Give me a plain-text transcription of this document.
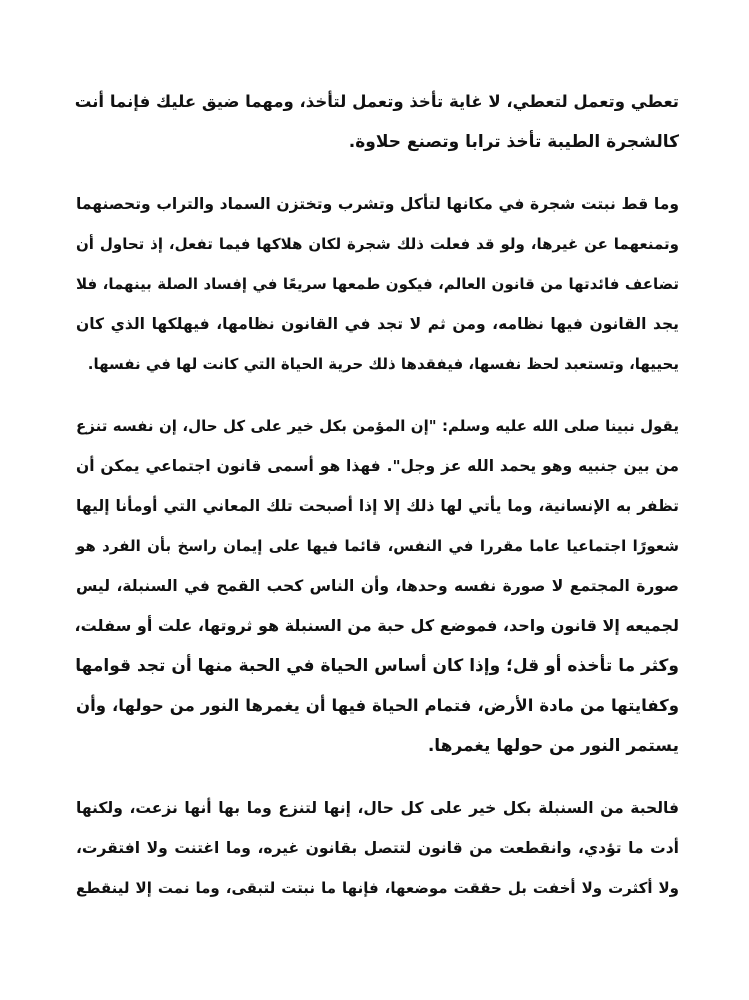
تعطي وتعمل لتعطي، لا غاية تأخذ وتعمل لتأخذ، ومهما ضيق عليك فإنما أنت
كالشجرة الطيبة تأخذ ترابا وتصنع حلاوة.
وما قط نبتت شجرة في مكانها لتأكل وتشرب وتختزن السماد والتراب وتحصنهما
وتمنعهما عن غيرها، ولو قد فعلت ذلك شجرة لكان هلاكها فيما تفعل، إذ تحاول أن
تضاعف فائدتها من قانون العالم، فيكون طمعها سريعًا في إفساد الصلة بينهما، فلا
يجد القانون فيها نظامه، ومن ثم لا تجد في القانون نظامها، فيهلكها الذي كان
يحييها، وتستعبد لحظ نفسها، فيفقدها ذلك حرية الحياة التي كانت لها في نفسها.
يقول نبينا صلى الله عليه وسلم: "إن المؤمن بكل خير على كل حال، إن نفسه تنزع
من بين جنبيه وهو يحمد الله عز وجل". فهذا هو أسمى قانون اجتماعي يمكن أن
تظفر به الإنسانية، وما يأتي لها ذلك إلا إذا أصبحت تلك المعاني التي أومأنا إليها
شعورًا اجتماعيا عاما مقررا في النفس، قائما فيها على إيمان راسخ بأن الفرد هو
صورة المجتمع لا صورة نفسه وحدها، وأن الناس كحب القمح في السنبلة، ليس
لجميعه إلا قانون واحد، فموضع كل حبة من السنبلة هو ثروتها، علت أو سفلت،
وكثر ما تأخذه أو قل؛ وإذا كان أساس الحياة في الحبة منها أن تجد قوامها
وكفايتها من مادة الأرض، فتمام الحياة فيها أن يغمرها النور من حولها، وأن
يستمر النور من حولها يغمرها.
فالحبة من السنبلة بكل خير على كل حال، إنها لتنزع وما بها أنها نزعت، ولكنها
أدت ما تؤدي، وانقطعت من قانون لتتصل بقانون غيره، وما اغتنت ولا افتقرت،
ولا أكثرت ولا أخفت بل حققت موضعها، فإنها ما نبتت لتبقى، وما نمت إلا لينقطع
